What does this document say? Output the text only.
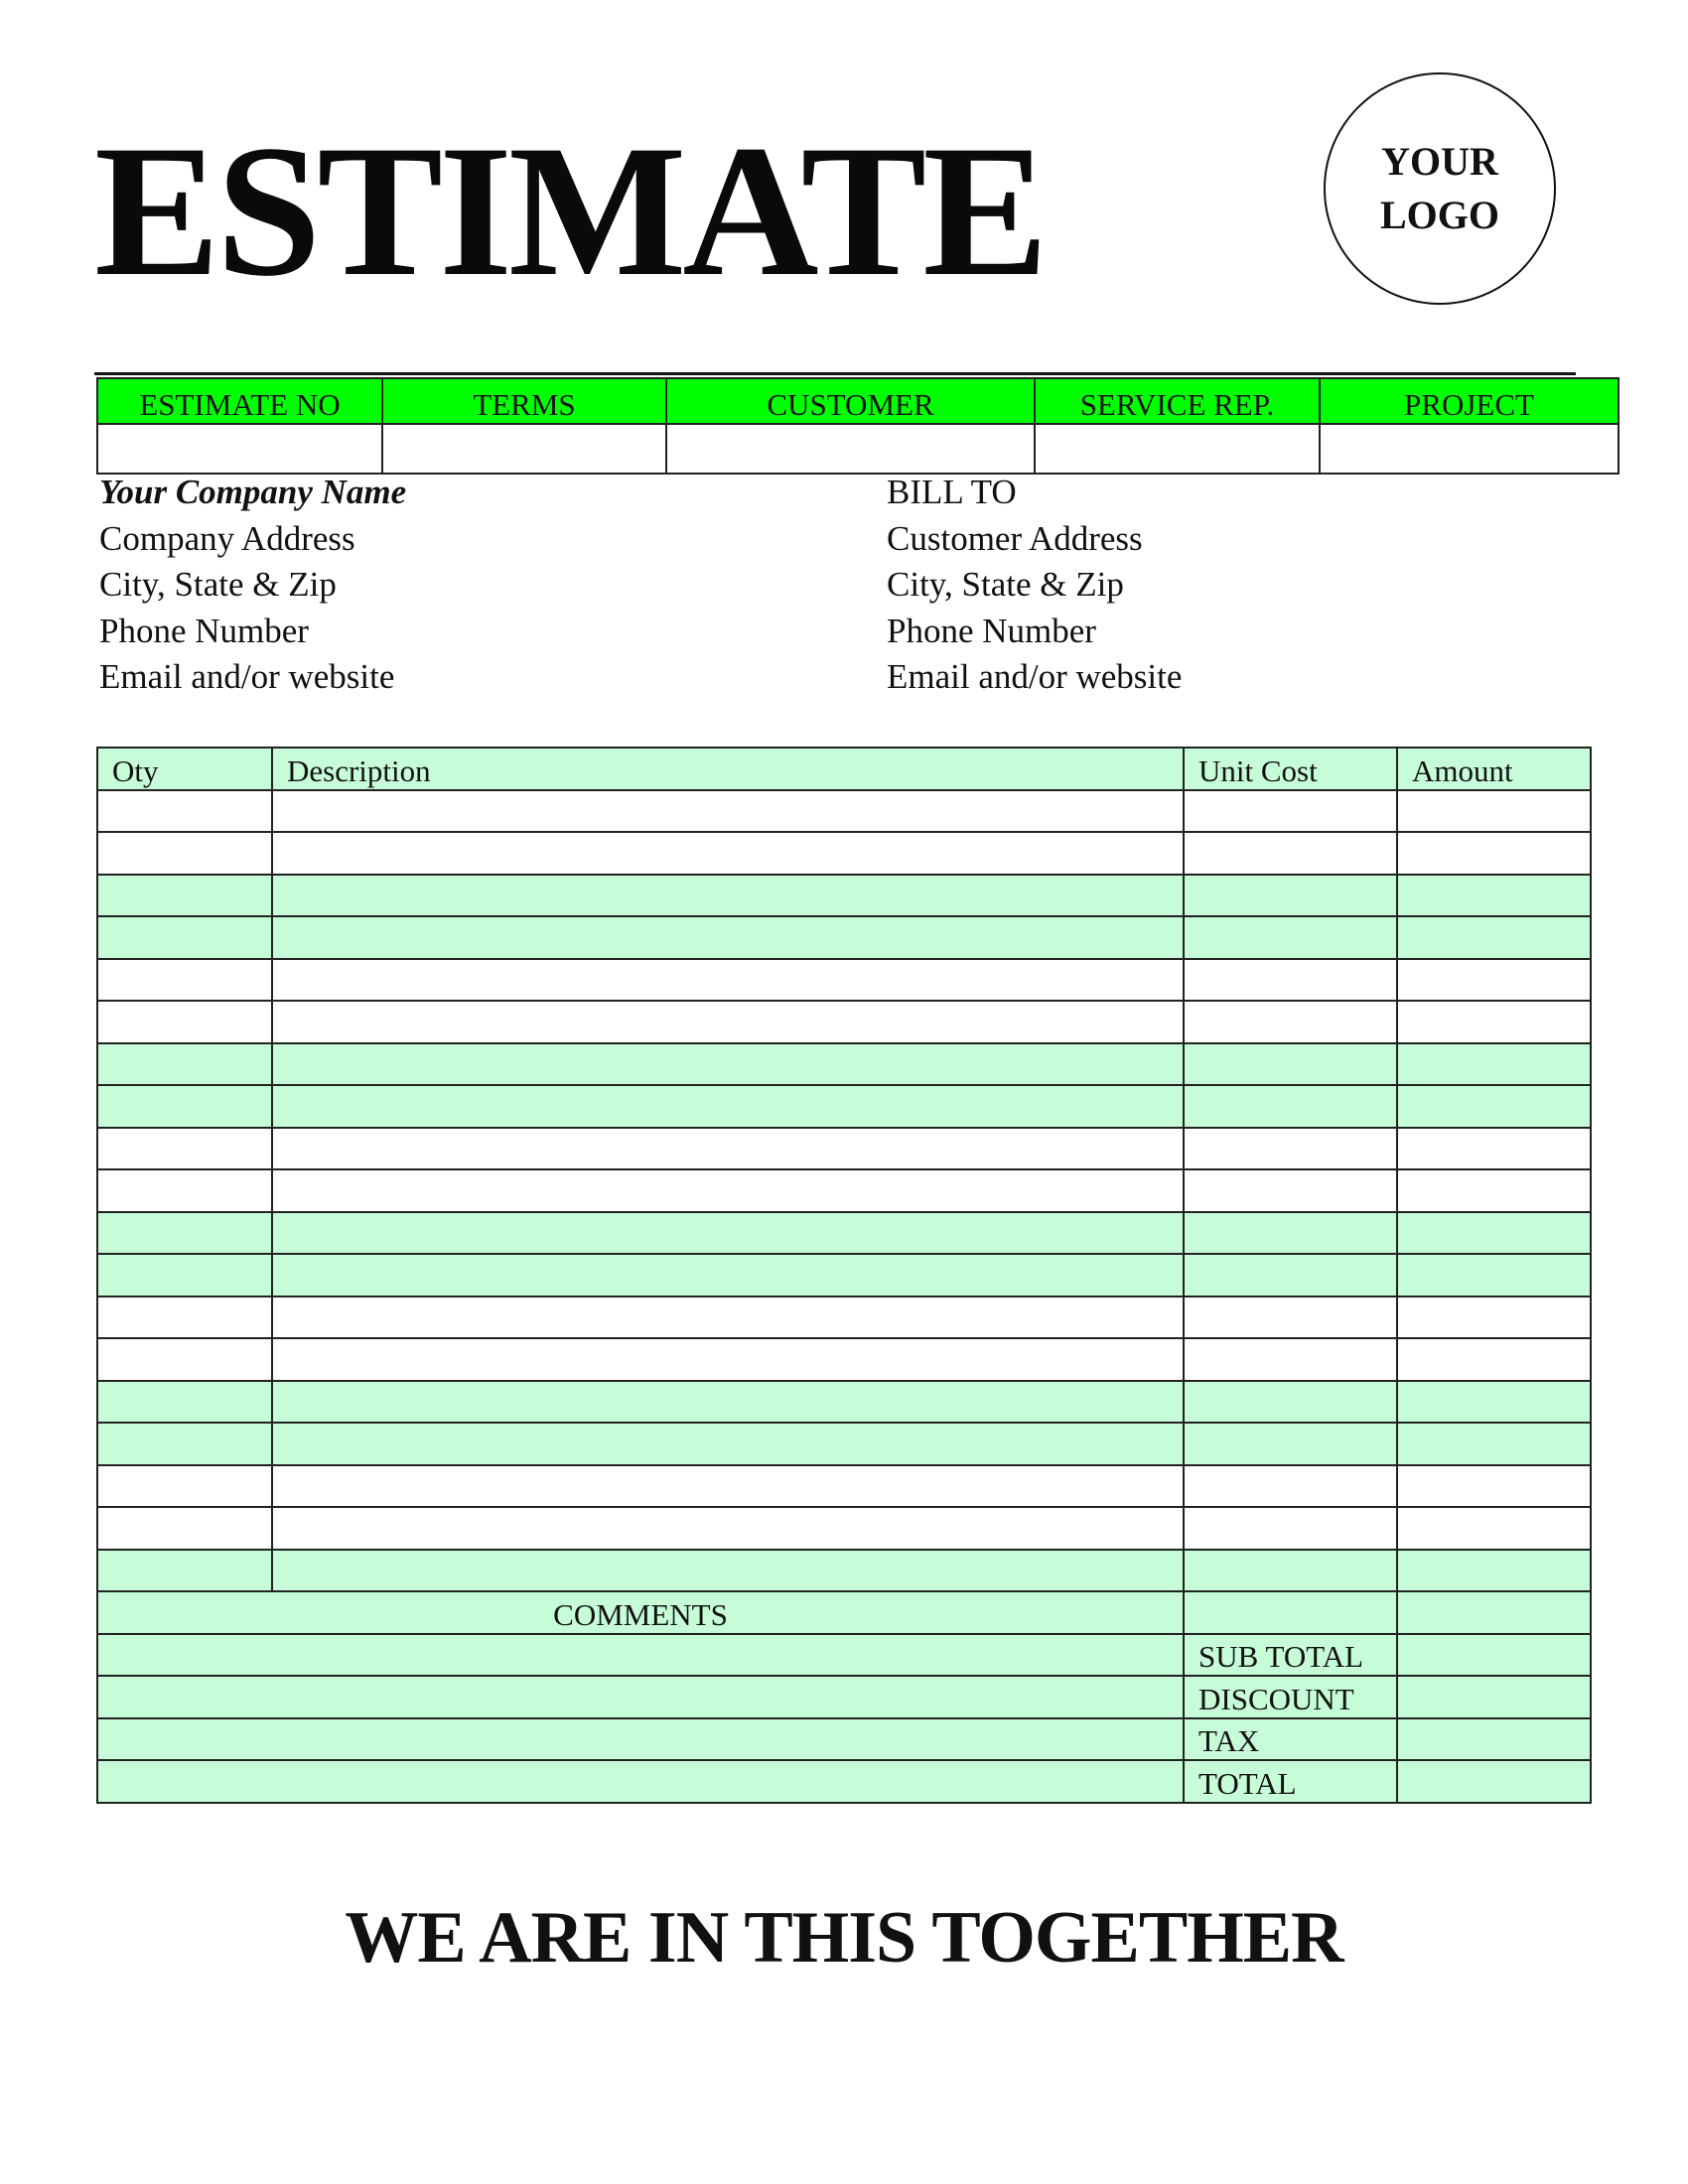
ESTIMATE	YOUR
LOGO
ESTIMATE NO	TERMS	CUSTOMER	SERVICE REP.	PROJECT

Your Company Name
Company Address
City, State & Zip
Phone Number
Email and/or website
BILL TO
Customer Address
City, State & Zip
Phone Number
Email and/or website
Oty	Description	Unit Cost	Amount

COMMENTS			
		SUB TOTAL	
		DISCOUNT	
		TAX	
		TOTAL	
WE ARE IN THIS TOGETHER
